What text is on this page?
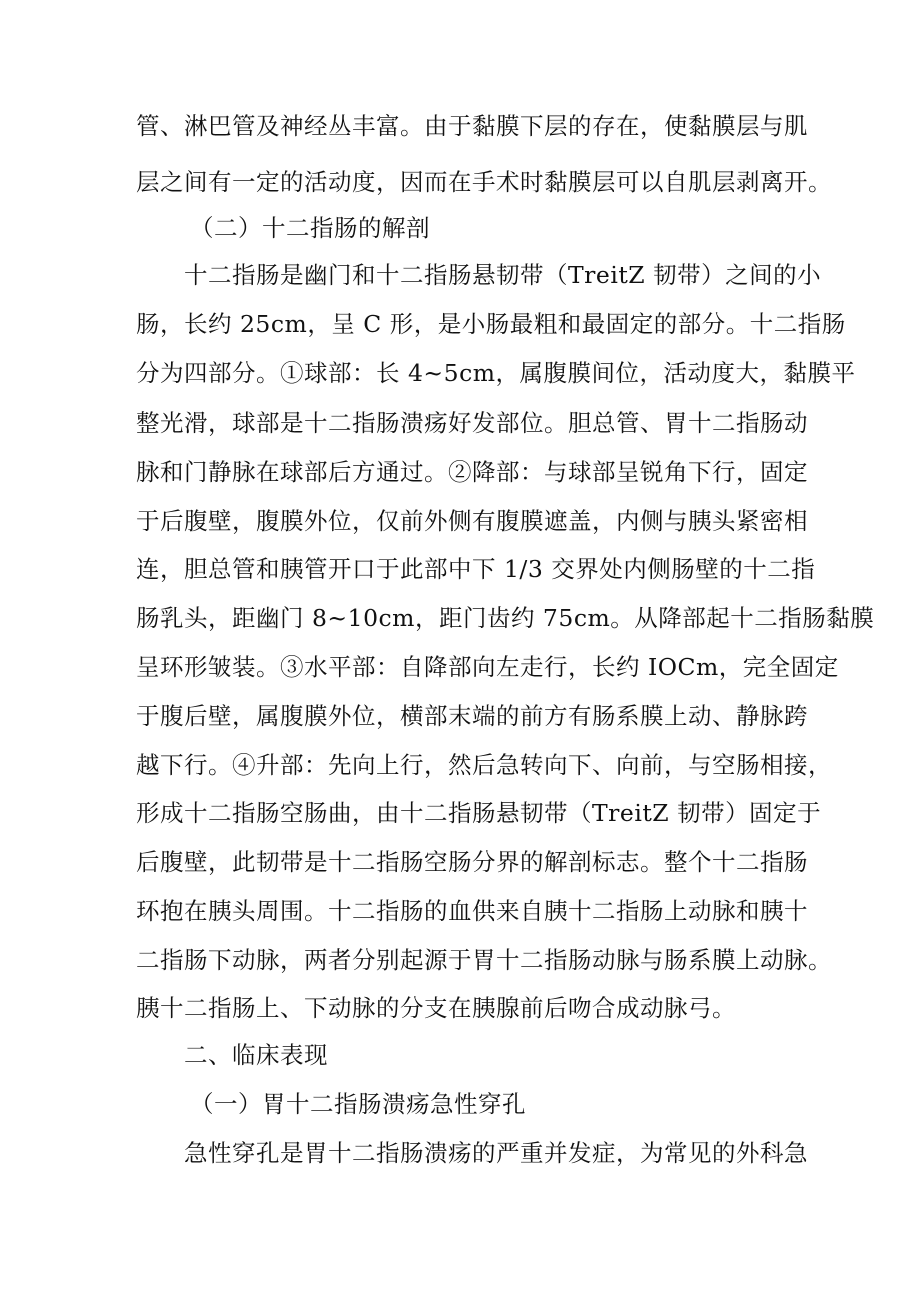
管、淋巴管及神经丛丰富。由于黏膜下层的存在，使黏膜层与肌
层之间有一定的活动度，因而在手术时黏膜层可以自肌层剥离开。
（二）十二指肠的解剖
十二指肠是幽门和十二指肠悬韧带（TreitZ 韧带）之间的小
肠，长约 25cm，呈 C 形，是小肠最粗和最固定的部分。十二指肠
分为四部分。①球部：长 4~5cm，属腹膜间位，活动度大，黏膜平
整光滑，球部是十二指肠溃疡好发部位。胆总管、胃十二指肠动
脉和门静脉在球部后方通过。②降部：与球部呈锐角下行，固定
于后腹壁，腹膜外位，仅前外侧有腹膜遮盖，内侧与胰头紧密相
连，胆总管和胰管开口于此部中下 1/3 交界处内侧肠壁的十二指
肠乳头，距幽门 8~10cm，距门齿约 75cm。从降部起十二指肠黏膜
呈环形皱装。③水平部：自降部向左走行，长约 IOCm，完全固定
于腹后壁，属腹膜外位，横部末端的前方有肠系膜上动、静脉跨
越下行。④升部：先向上行，然后急转向下、向前，与空肠相接，
形成十二指肠空肠曲，由十二指肠悬韧带（TreitZ 韧带）固定于
后腹壁，此韧带是十二指肠空肠分界的解剖标志。整个十二指肠
环抱在胰头周围。十二指肠的血供来自胰十二指肠上动脉和胰十
二指肠下动脉，两者分别起源于胃十二指肠动脉与肠系膜上动脉。
胰十二指肠上、下动脉的分支在胰腺前后吻合成动脉弓。
二、临床表现
（一）胃十二指肠溃疡急性穿孔
急性穿孔是胃十二指肠溃疡的严重并发症，为常见的外科急
